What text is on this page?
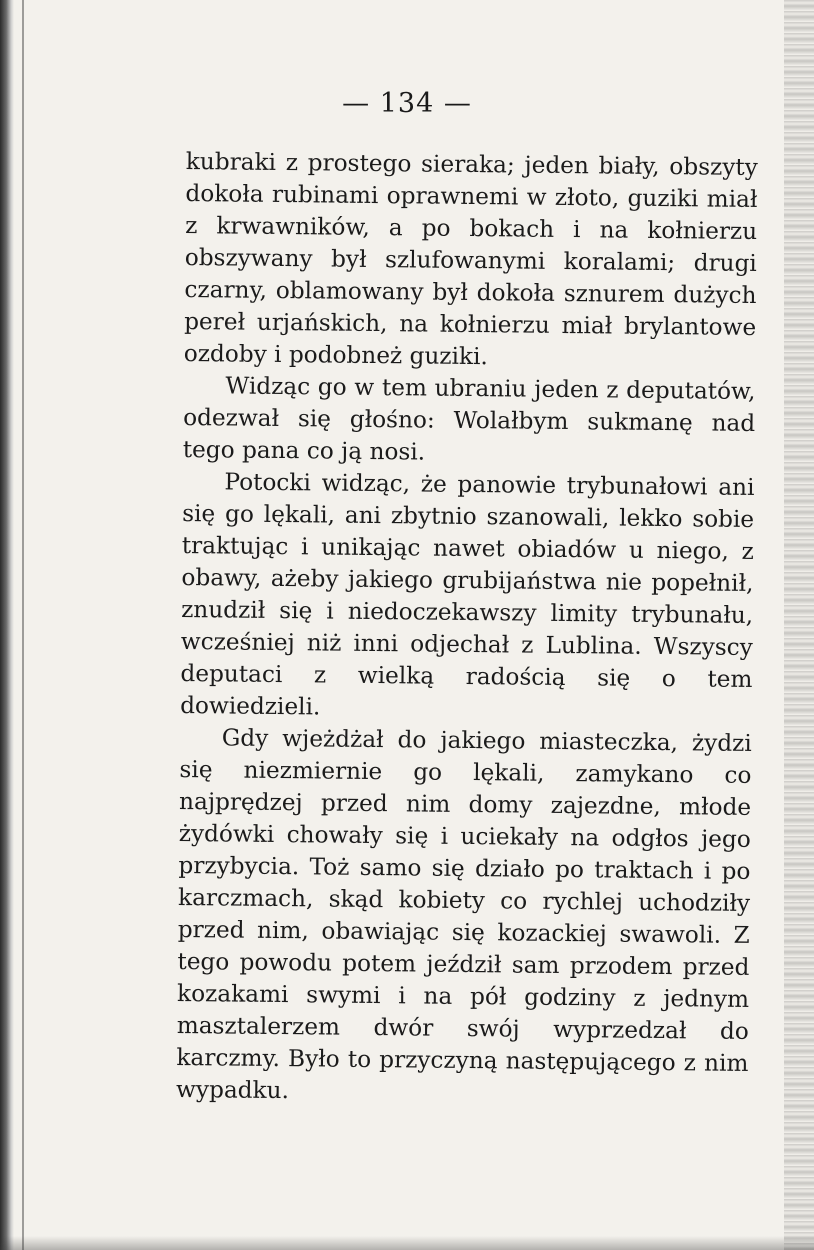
— 134 —

kubraki z prostego sieraka; jeden biały, obszyty dokoła rubinami oprawnemi w złoto, guziki miał z krwawników, a po bokach i na kołnierzu obszywany był szlufowanymi koralami; drugi czarny, oblamowany był dokoła sznurem dużych pereł urjańskich, na kołnierzu miał brylantowe ozdoby i podobneż guziki.

Widząc go w tem ubraniu jeden z deputatów, odezwał się głośno: Wolałbym sukmanę nad tego pana co ją nosi.

Potocki widząc, że panowie trybunałowi ani się go lękali, ani zbytnio szanowali, lekko sobie traktując i unikając nawet obiadów u niego, z obawy, ażeby jakiego grubijaństwa nie popełnił, znudził się i niedoczekawszy limity trybunału, wcześniej niż inni odjechał z Lublina. Wszyscy deputaci z wielką radością się o tem dowiedzieli.

Gdy wjeżdżał do jakiego miasteczka, żydzi się niezmiernie go lękali, zamykano co najprędzej przed nim domy zajezdne, młode żydówki chowały się i uciekały na odgłos jego przybycia. Toż samo się działo po traktach i po karczmach, skąd kobiety co rychlej uchodziły przed nim, obawiając się kozackiej swawoli. Z tego powodu potem jeździł sam przodem przed kozakami swymi i na pół godziny z jednym masztalerzem dwór swój wyprzedzał do karczmy. Było to przyczyną następującego z nim wypadku.
